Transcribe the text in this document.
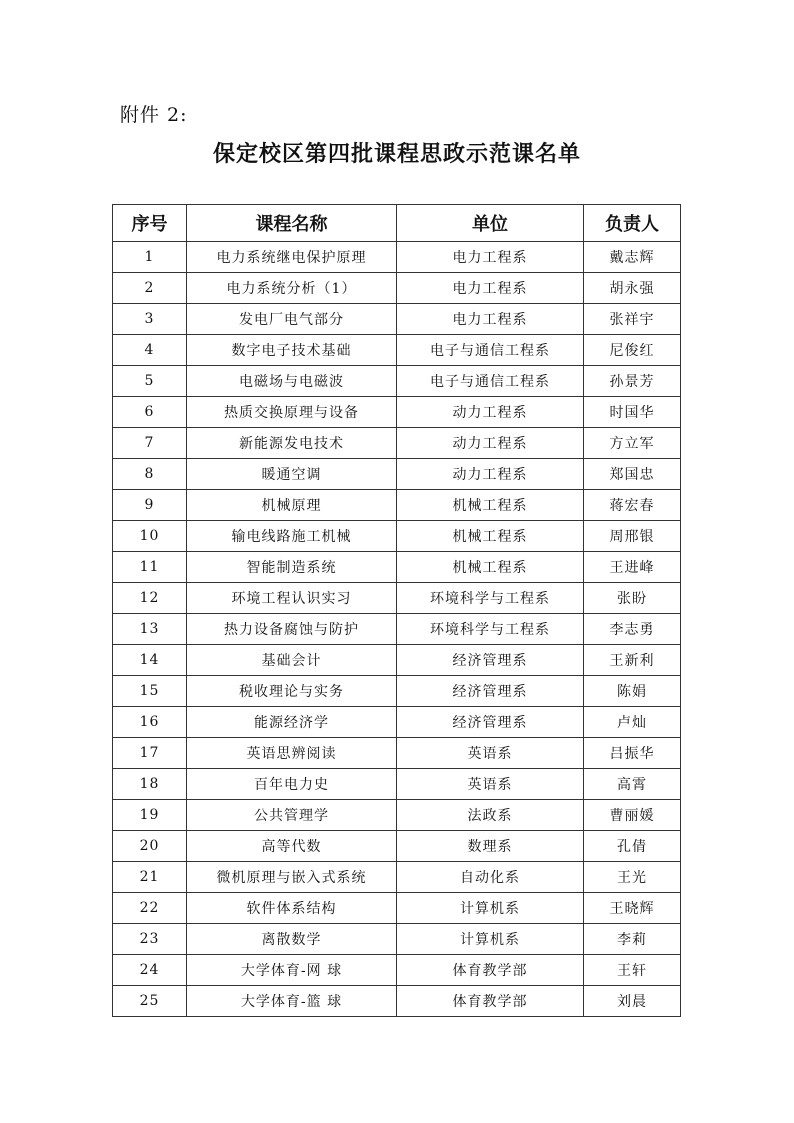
附件 2:
保定校区第四批课程思政示范课名单
序号	课程名称	单位	负责人
1	电力系统继电保护原理	电力工程系	戴志辉
2	电力系统分析（1）	电力工程系	胡永强
3	发电厂电气部分	电力工程系	张祥宇
4	数字电子技术基础	电子与通信工程系	尼俊红
5	电磁场与电磁波	电子与通信工程系	孙景芳
6	热质交换原理与设备	动力工程系	时国华
7	新能源发电技术	动力工程系	方立军
8	暖通空调	动力工程系	郑国忠
9	机械原理	机械工程系	蒋宏春
10	输电线路施工机械	机械工程系	周邢银
11	智能制造系统	机械工程系	王进峰
12	环境工程认识实习	环境科学与工程系	张盼
13	热力设备腐蚀与防护	环境科学与工程系	李志勇
14	基础会计	经济管理系	王新利
15	税收理论与实务	经济管理系	陈娟
16	能源经济学	经济管理系	卢灿
17	英语思辨阅读	英语系	吕振华
18	百年电力史	英语系	高霄
19	公共管理学	法政系	曹丽媛
20	高等代数	数理系	孔倩
21	微机原理与嵌入式系统	自动化系	王光
22	软件体系结构	计算机系	王晓辉
23	离散数学	计算机系	李莉
24	大学体育-网 球	体育教学部	王轩
25	大学体育-篮 球	体育教学部	刘晨
